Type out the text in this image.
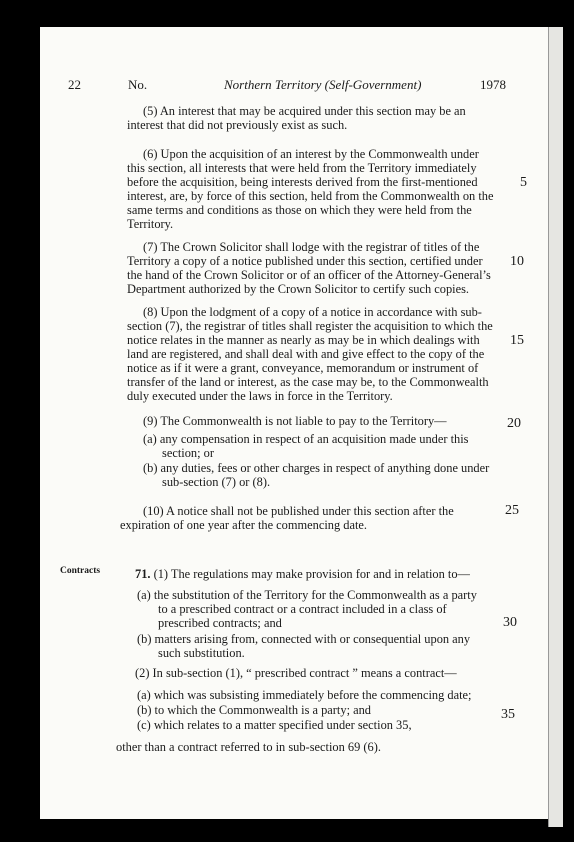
22	No.	Northern Territory (Self-Government)	1978
(5) An interest that may be acquired under this section may be an
interest that did not previously exist as such.
(6) Upon the acquisition of an interest by the Commonwealth under
this section, all interests that were held from the Territory immediately
before the acquisition, being interests derived from the first-mentioned
interest, are, by force of this section, held from the Commonwealth on the
same terms and conditions as those on which they were held from the
Territory.
(7) The Crown Solicitor shall lodge with the registrar of titles of the
Territory a copy of a notice published under this section, certified under
the hand of the Crown Solicitor or of an officer of the Attorney-General’s
Department authorized by the Crown Solicitor to certify such copies.
(8) Upon the lodgment of a copy of a notice in accordance with sub-
section (7), the registrar of titles shall register the acquisition to which the
notice relates in the manner as nearly as may be in which dealings with
land are registered, and shall deal with and give effect to the copy of the
notice as if it were a grant, conveyance, memorandum or instrument of
transfer of the land or interest, as the case may be, to the Commonwealth
duly executed under the laws in force in the Territory.
(9) The Commonwealth is not liable to pay to the Territory—
(a) any compensation in respect of an acquisition made under this
section; or
(b) any duties, fees or other charges in respect of anything done under
sub-section (7) or (8).
(10) A notice shall not be published under this section after the
expiration of one year after the commencing date.
71. (1) The regulations may make provision for and in relation to—
(a) the substitution of the Territory for the Commonwealth as a party
to a prescribed contract or a contract included in a class of
prescribed contracts; and
(b) matters arising from, connected with or consequential upon any
such substitution.
(2) In sub-section (1), “ prescribed contract ” means a contract—
(a) which was subsisting immediately before the commencing date;
(b) to which the Commonwealth is a party; and
(c) which relates to a matter specified under section 35,
other than a contract referred to in sub-section 69 (6).
5
10
15
20
25
30
35
Contracts
